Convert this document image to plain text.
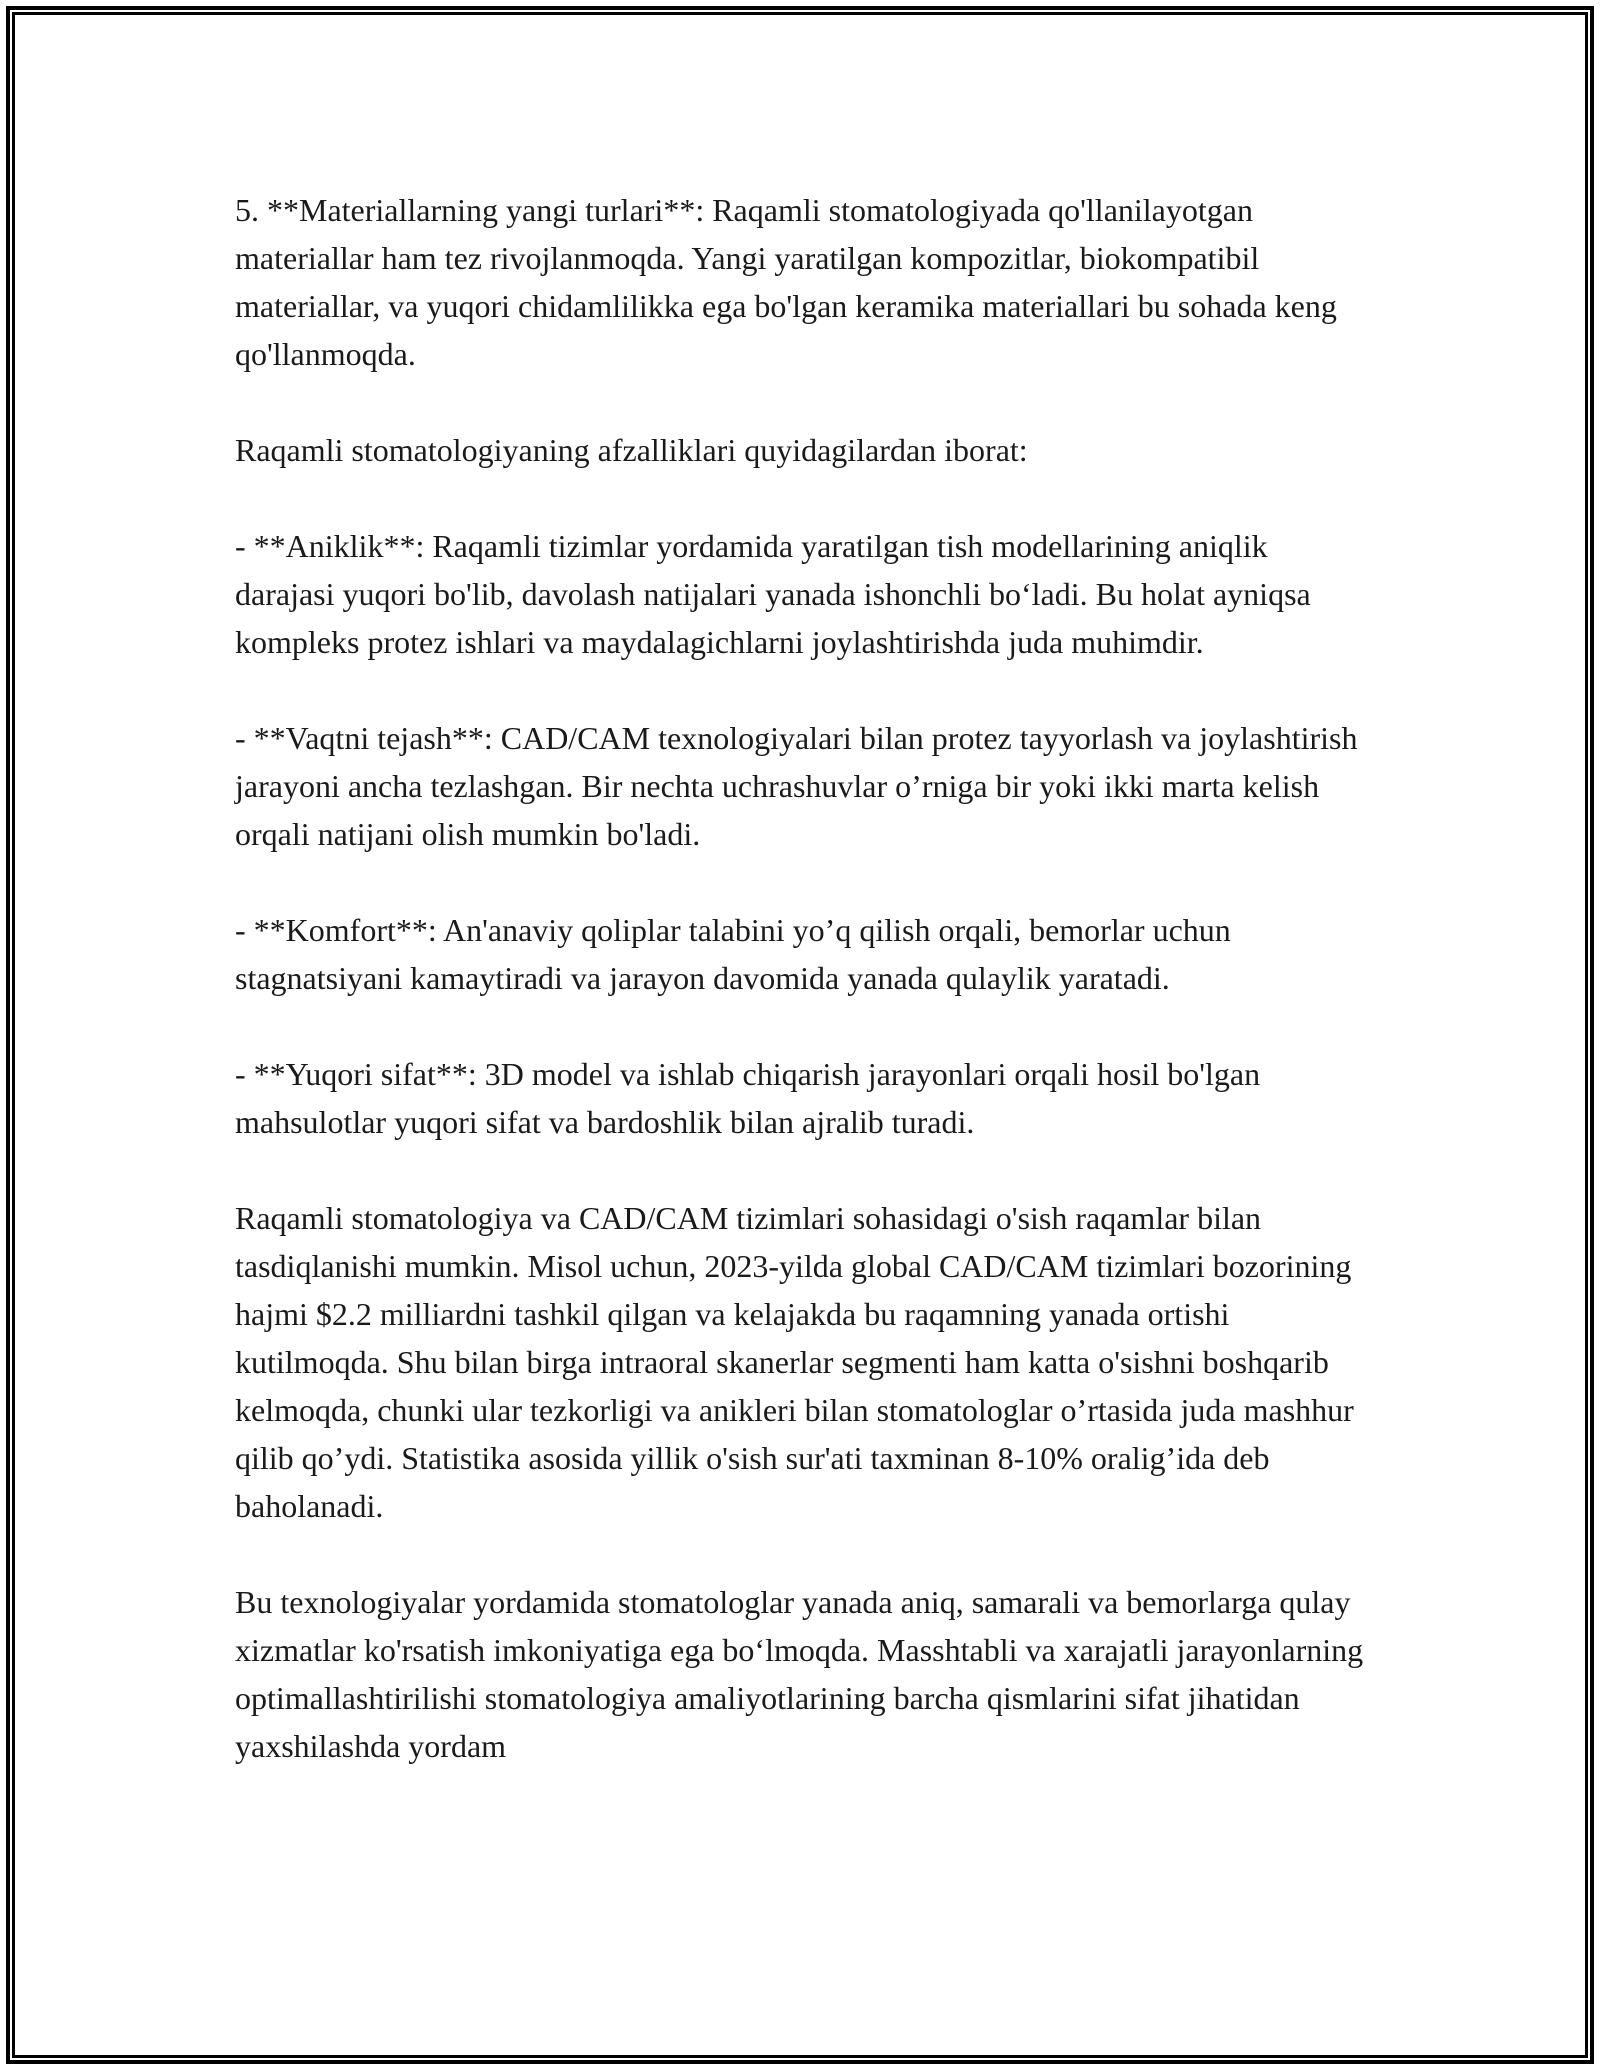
5. **Materiallarning yangi turlari**: Raqamli stomatologiyada qo'llanilayotgan materiallar ham tez rivojlanmoqda. Yangi yaratilgan kompozitlar, biokompatibil materiallar, va yuqori chidamlilikka ega bo'lgan keramika materiallari bu sohada keng qo'llanmoqda.

Raqamli stomatologiyaning afzalliklari quyidagilardan iborat:

- **Aniklik**: Raqamli tizimlar yordamida yaratilgan tish modellarining aniqlik darajasi yuqori bo'lib, davolash natijalari yanada ishonchli bo‘ladi. Bu holat ayniqsa kompleks protez ishlari va maydalagichlarni joylashtirishda juda muhimdir.

- **Vaqtni tejash**: CAD/CAM texnologiyalari bilan protez tayyorlash va joylashtirish jarayoni ancha tezlashgan. Bir nechta uchrashuvlar o’rniga bir yoki ikki marta kelish orqali natijani olish mumkin bo'ladi.

- **Komfort**: An'anaviy qoliplar talabini yo’q qilish orqali, bemorlar uchun stagnatsiyani kamaytiradi va jarayon davomida yanada qulaylik yaratadi.

- **Yuqori sifat**: 3D model va ishlab chiqarish jarayonlari orqali hosil bo'lgan mahsulotlar yuqori sifat va bardoshlik bilan ajralib turadi.

Raqamli stomatologiya va CAD/CAM tizimlari sohasidagi o'sish raqamlar bilan tasdiqlanishi mumkin. Misol uchun, 2023-yilda global CAD/CAM tizimlari bozorining hajmi $2.2 milliardni tashkil qilgan va kelajakda bu raqamning yanada ortishi kutilmoqda. Shu bilan birga intraoral skanerlar segmenti ham katta o'sishni boshqarib kelmoqda, chunki ular tezkorligi va anikleri bilan stomatologlar o’rtasida juda mashhur qilib qo’ydi. Statistika asosida yillik o'sish sur'ati taxminan 8-10% oralig’ida deb baholanadi.

Bu texnologiyalar yordamida stomatologlar yanada aniq, samarali va bemorlarga qulay xizmatlar ko'rsatish imkoniyatiga ega bo‘lmoqda. Masshtabli va xarajatli jarayonlarning optimallashtirilishi stomatologiya amaliyotlarining barcha qismlarini sifat jihatidan yaxshilashda yordam
